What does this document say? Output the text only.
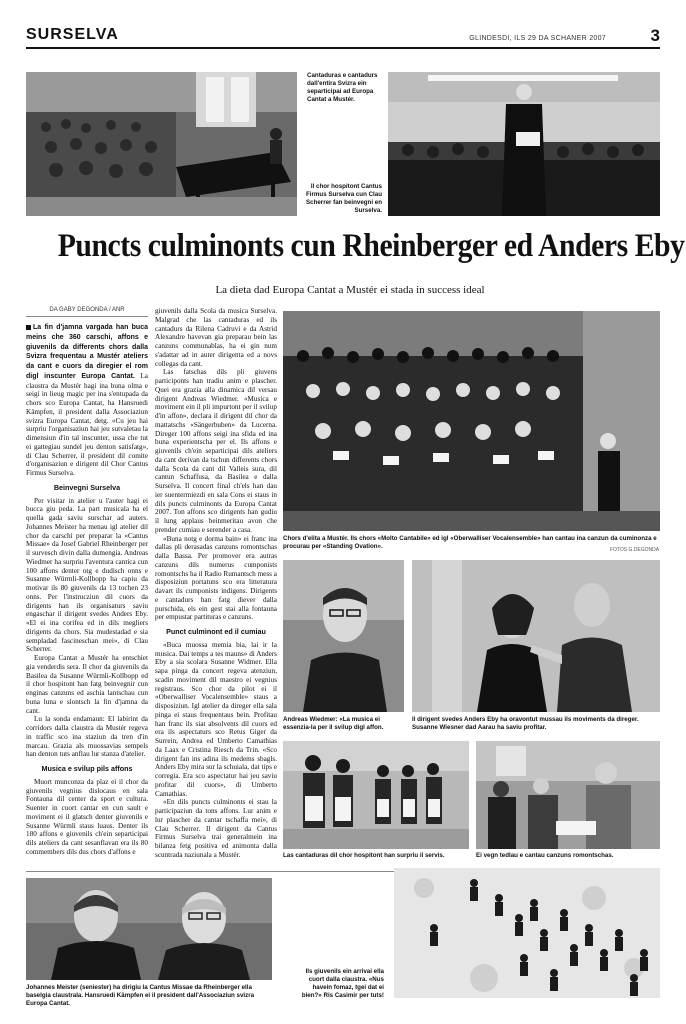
SURSELVA	GLINDESDI, ILS 29 DA SCHANER 2007	3
Cantaduras e cantadurs dall'entira Svizra ein separticipai ad Europa Cantat a Mustér.
Il chor hospitont Cantus Firmus Surselva cun Clau Scherrer fan beinvegni en Surselva.
Puncts culminonts cun Rheinberger ed Anders Eby
La dieta dad Europa Cantat a Mustér ei stada in success ideal
DA GABY DEGONDA / ANR

La fin d'jamna vargada han buca meins che 360 carschi, affons e giuvenils da differents chors dalla Svizra frequentau a Mustér ateliers da cant e cuors da diregier el rom digl inscunter Europa Cantat. La claustra da Mustér hagi ina buna olma e seigi in lieug magic per ina s'entupada da chors sco Europa Cantat, ha Hansruedi Kämpfen, il president dalla Associaziun svizra Europa Cantat, detg. «Cu jeu hai surpriu l'organisaziun hai jeu sutvaletau la dimensiun d'in tal inscunter, ussa che tut ei gattegiau sundel jeu denton satisfatg», di Clau Scherrer, il president dil comite d'organisaziun e dirigent dil Chor Cantus Firmus Surselva.

Beinvegni Surselva

Per visitar in atelier u l'auter hagi ei bucca giu peda. La part musicala ha el quella gada saviu surschar ad auters. Johannes Meister ha menau igl atelier dil chor da carschi per preparar la «Cantus Missae» da Josef Gabriel Rheinberger per il survesch divin dalla dumengia. Andreas Wiedmer ha surpriu l'aventura cantica cun 100 affons denter otg e dudisch onns e Susanne Würmli-Kollbopp ha capiu da motivar ils 80 giuvenils da 13 tochen 23 onns. Per l'instrucziun dil cuors da dirigents han ils organisaturs saviu engaschar il dirigent svedes Anders Eby. «El ei ina corifea ed in dils megliers dirigents da chors. Sia mudestadad e sia sempladad fascineschan mei», di Clau Scherrer.

Europa Cantat a Mustér ha entschiet gia venderdis sera. Il chor da giuvenils da Basilea da Susanne Würmli-Kollbopp ed il chor hospitont han fatg beinvegnir cun enginas canzuns ed aschia lantschau cun buna luna e slontsch la fin d'jamna da cant.

Lu la sonda endamaun: El labirint da corridors dalla claustra da Mustér regeva in traffic sco ina staziun da tren d'in marcau. Grazia als muossavias sempels han denton tuts anflau lur stanza d'atelier.

Musica e svilup pils affons

Muort munconza da plaz ei il chor da giuvenils vegnius dislocaus en sala Fontauna dil center da sport e cultura. Suenter in cuort cantar en cun sault e moviment ei il glatsch denter giuvenils e Susanne Würmli staus luaus. Denter ils 180 affons e giuvenils ch'ein separticipai dils ateliers da cant sesanflavan era ils 80 commembers dils dus chors d'affons e

giuvenils dalla Scola da musica Surselva. Malgrad che las cantaduras ed ils cantadurs da Rilena Cadruvi e da Astrid Alexandre havevan gia preparau bein las canzuns communablas, ha ei gin num s'adattar ad in auter dirigenta ed a novs collegas da cant.

Las fatschas dils pli giuvens participonts han tradiu anim e plascher. Quei era grazia alla dinamica dil versau dirigent Andreas Wiedmer. «Musica e moviment ein il pli impurtont per il svilup d'in affon», declara il dirigent dil chor da mattatschs «Sängerbuben» da Lucerna. Direger 100 affons seigi ina sfida ed ina buna experientscha per el. Ils affons e giuvenils ch'ein separticipai dils ateliers da cant derivan da tschun differents chors dalla Scola da cant dil Valleis sura, dil cantun Schaffusa, da Basilea e dalla Surselva. Il concert final ch'els han dau ier suentermiezdi en sala Cons ei staus in dils puncts culminonts da Europa Cantat 2007. Ton affons sco dirigents han gudiu il lung applaus beinmeritau avon che prender cumiau e serender a casa.

«Buna notg e dorma bain» ei franc ina dallas pli derasadas canzuns romontschas dalla Bassa. Per promover era autras canzuns dils numerus cumponists romontschs ha il Radio Rumantsch mess a disposiziun portatuns sco era litteratura davart ils cumponists indigens. Dirigents e cantadurs han fatg diever dalla purschida, els ein gest stai alla fontauna per empustar partituras e canzuns.

Punct culminont ed il cumiau

«Buca muossa memia bia, lai ir la musica. Dai temps a tes mauns» di Anders Eby a sia scolara Susanne Widmer. Ella sapa pinga da concert regeva atenziun, scadin moviment dil maestro ei vegnius registraus. Sco chor da pilot ei il «Oberwalliser Vocalensemble» staus a disposiziun. Igl atelier da direger ella sala pinga ei staus frequentaus bein. Profitau han franc ils siat absolvents dil cuors ed era ils aspectaturs sco Retus Giger da Surrein, Andrea ed Umberto Camathias da Laax e Cristina Riesch da Trin. «Sco dirigent fan ins adina ils medems sbagls. Anders Eby mira sur la schuiala, dat tips e corregia. Era sco aspectatur hai jeu saviu profitar dil cuors», di Umberto Camathias.

«En dils puncts culminonts ei stau la participaziun da tons affons. Lur anim e lur plascher da cantar tschaffa mei», di Clau Scherrer. Il dirigent da Cantus Firmus Surselva trai generalmein ina bilanza fetg positiva ed animonta dalla scuntrada naziunala a Mustér.

Chors d'elita a Mustér. Ils chors «Molto Cantabile» ed igl «Oberwalliser Vocalensemble» han cantau ina canzun da cuminonza e procurau per «Standing Ovation».	FOTOS G.DEGONDA
Andreas Wiedmer: «La musica ei essenzia-la per il svilup digl affon.
Il dirigent svedes Anders Eby ha oravontut mussau ils moviments da direger. Susanne Wiesner dad Aarau ha saviu profitar.
Las cantaduras dil chor hospitont han surpriu il servis.	Ei vegn tedlau e cantau canzuns romontschas.
Johannes Meister (seniester) ha dirigiu la Cantus Missae da Rheinberger ella baselgia claustrala. Hansruedi Kämpfen ei il president dall'Associaziun svizra Europa Cantat.
Ils giuvenils ein arrivai ella cuort dalla claustra. «Nus havein fomaz, tgei dat ei bien?» Ris Casimir per tuts!
